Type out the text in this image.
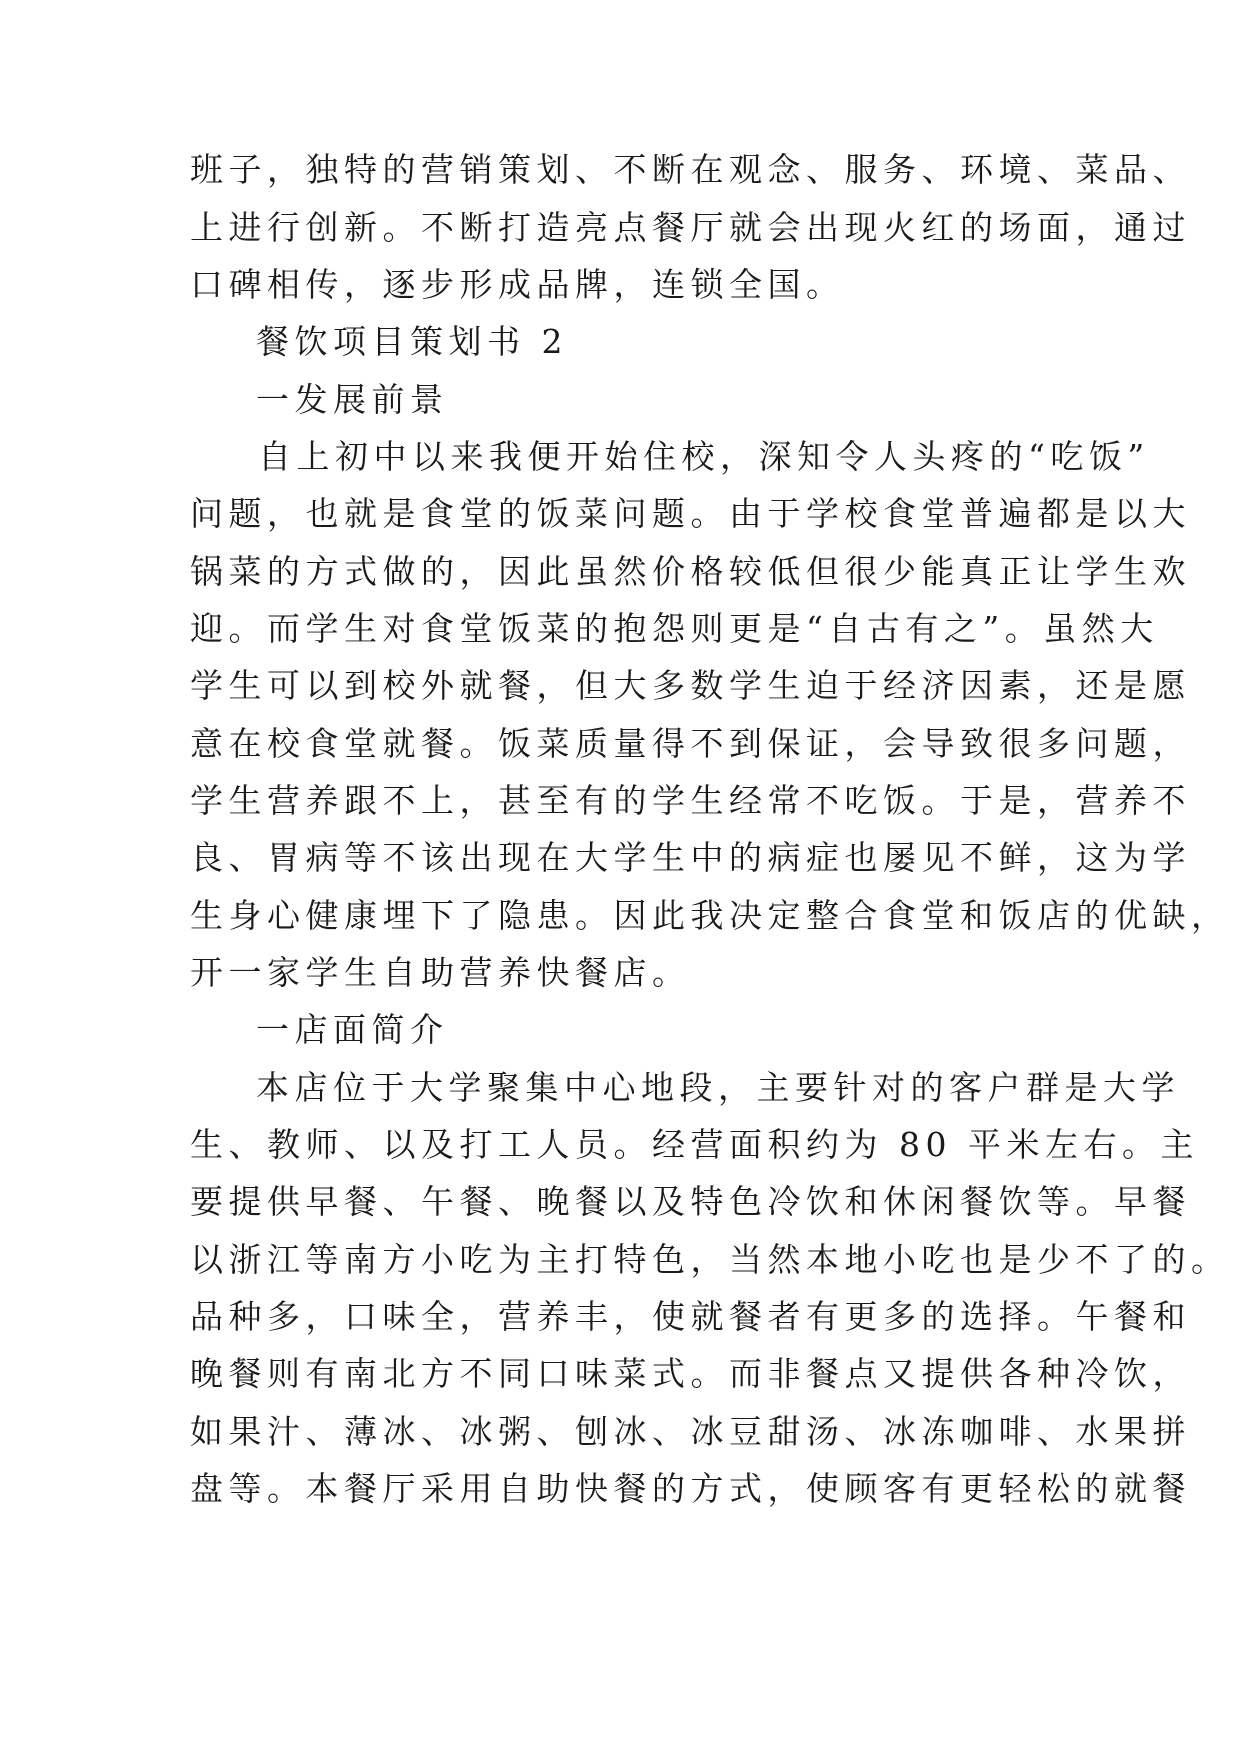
班子，独特的营销策划、不断在观念、服务、环境、菜品、
上进行创新。不断打造亮点餐厅就会出现火红的场面，通过
口碑相传，逐步形成品牌，连锁全国。
餐饮项目策划书 2
一发展前景
自上初中以来我便开始住校，深知令人头疼的“吃饭”
问题，也就是食堂的饭菜问题。由于学校食堂普遍都是以大
锅菜的方式做的，因此虽然价格较低但很少能真正让学生欢
迎。而学生对食堂饭菜的抱怨则更是“自古有之”。虽然大
学生可以到校外就餐，但大多数学生迫于经济因素，还是愿
意在校食堂就餐。饭菜质量得不到保证，会导致很多问题，
学生营养跟不上，甚至有的学生经常不吃饭。于是，营养不
良、胃病等不该出现在大学生中的病症也屡见不鲜，这为学
生身心健康埋下了隐患。因此我决定整合食堂和饭店的优缺，
开一家学生自助营养快餐店。
一店面简介
本店位于大学聚集中心地段，主要针对的客户群是大学
生、教师、以及打工人员。经营面积约为 80 平米左右。主
要提供早餐、午餐、晚餐以及特色冷饮和休闲餐饮等。早餐
以浙江等南方小吃为主打特色，当然本地小吃也是少不了的。
品种多，口味全，营养丰，使就餐者有更多的选择。午餐和
晚餐则有南北方不同口味菜式。而非餐点又提供各种冷饮，
如果汁、薄冰、冰粥、刨冰、冰豆甜汤、冰冻咖啡、水果拼
盘等。本餐厅采用自助快餐的方式，使顾客有更轻松的就餐
